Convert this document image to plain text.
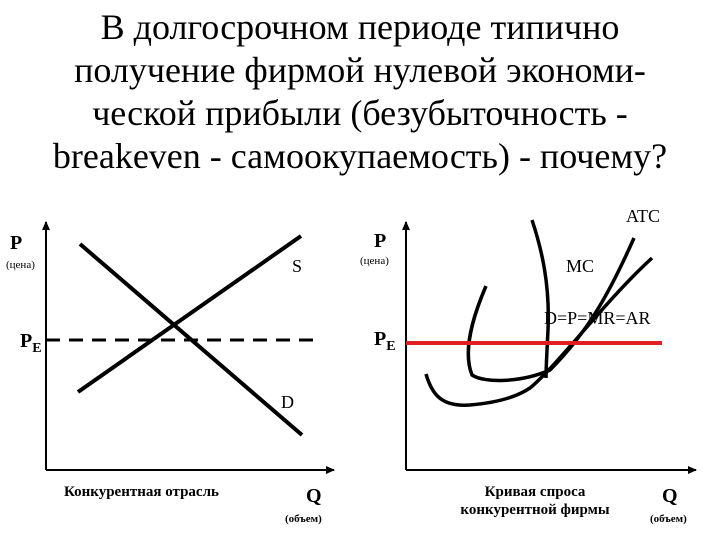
В долгосрочном периоде типично
получение фирмой нулевой экономи-
ческой прибыли (безубыточность -
breakeven - самоокупаемость) - почему?
P
(цена)	S
D
$P_E$
Конкурентная отрасль	Q
(объем)
P
(цена)
ATC
MC
D=P=MR=AR
$P_E$
Кривая спроса
конкурентной фирмы
Q
(объем)
